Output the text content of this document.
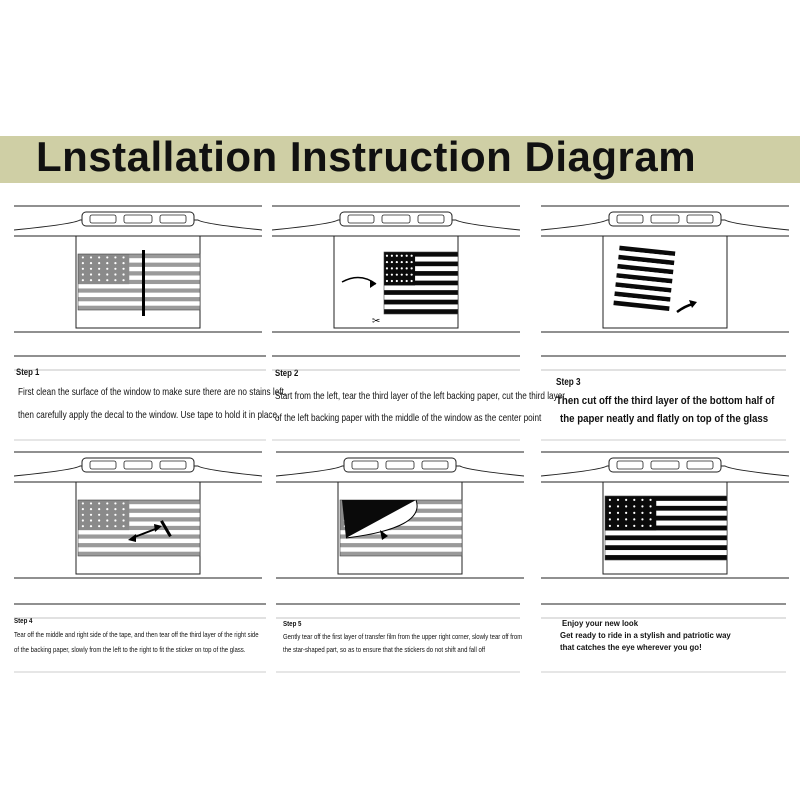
Lnstallation Instruction Diagram
✂
Step 1
First clean the surface of the window to make sure there are no stains left,
then carefully apply the decal to the window. Use tape to hold it in place.
Step 2
Start from the left, tear the third layer of the left backing paper, cut the third layer
of the left backing paper with the middle of the window as the center point
Step 3
Then cut off the third layer of the bottom half of
the paper neatly and flatly on top of the glass
Step 4
Tear off the middle and right side of the tape, and then tear off the third layer of the right side
of the backing paper, slowly from the left to the right to fit the sticker on top of the glass.
Step 5
Gently tear off the first layer of transfer film from the upper right corner, slowly tear off from
the star-shaped part, so as to ensure that the stickers do not shift and fall off
Enjoy your new look
Get ready to ride in a stylish and patriotic way
that catches the eye wherever you go!
